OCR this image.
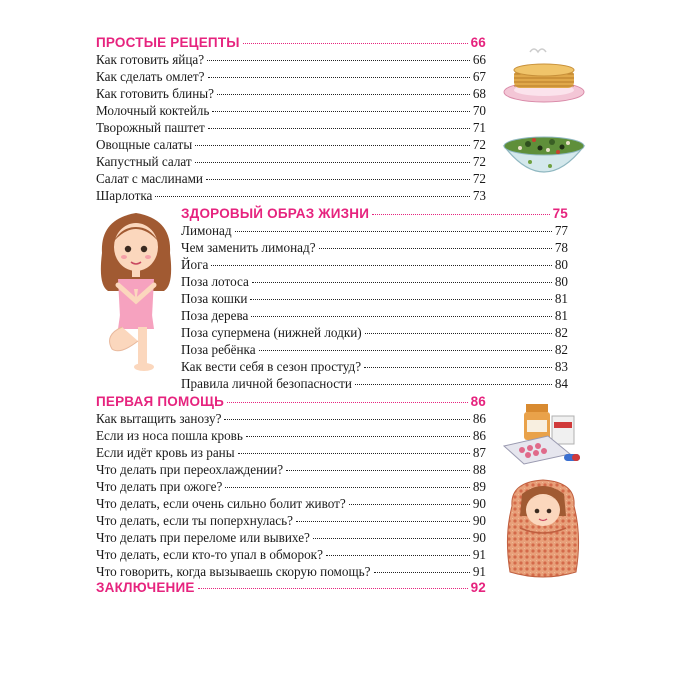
ПРОСТЫЕ РЕЦЕПТЫ	66
Как готовить яйца?	66
Как сделать омлет?	67
Как готовить блины?	68
Молочный коктейль	70
Творожный паштет	71
Овощные салаты	72
Капустный салат	72
Салат с маслинами	72
Шарлотка	73
ЗДОРОВЫЙ ОБРАЗ ЖИЗНИ	75
Лимонад	77
Чем заменить лимонад?	78
Йога	80
Поза лотоса	80
Поза кошки	81
Поза дерева	81
Поза супермена (нижней лодки)	82
Поза ребёнка	82
Как вести себя в сезон простуд?	83
Правила личной безопасности	84
ПЕРВАЯ ПОМОЩЬ	86
Как вытащить занозу?	86
Если из носа пошла кровь	86
Если идёт кровь из раны	87
Что делать при переохлаждении?	88
Что делать при ожоге?	89
Что делать, если очень сильно болит живот?	90
Что делать, если ты поперхнулась?	90
Что делать при переломе или вывихе?	90
Что делать, если кто-то упал в обморок?	91
Что говорить, когда вызываешь скорую помощь?	91
ЗАКЛЮЧЕНИЕ	92
